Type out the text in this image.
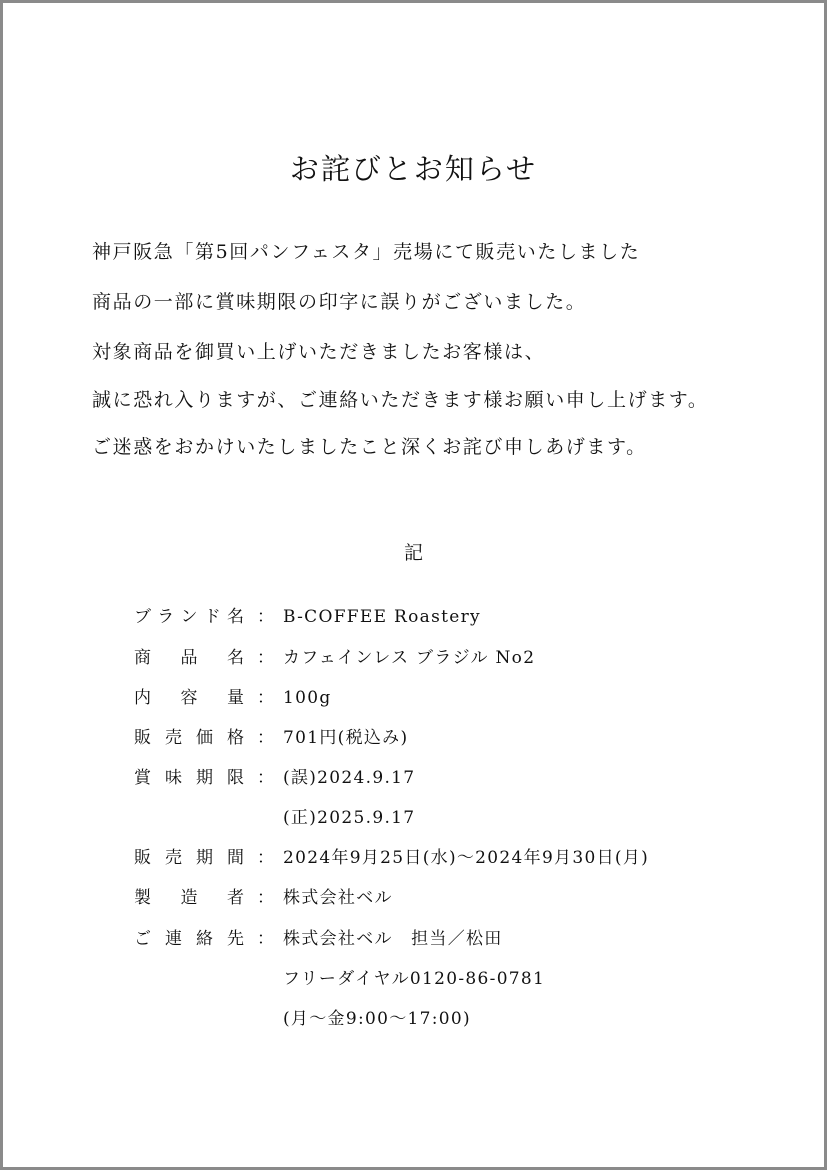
お詫びとお知らせ
神戸阪急「第5回パンフェスタ」売場にて販売いたしました
商品の一部に賞味期限の印字に誤りがございました。
対象商品を御買い上げいただきましたお客様は、
誠に恐れ入りますが、ご連絡いただきます様お願い申し上げます。
ご迷惑をおかけいたしましたこと深くお詫び申しあげます。
記
ブ ラ ン ド 名 ： B-COFFEE Roastery
商 品 名 ： カフェインレス ブラジル No2
内 容 量 ： 100g
販 売 価 格 ： 701円(税込み)
賞 味 期 限 ： (誤)2024.9.17
(正)2025.9.17
販 売 期 間 ： 2024年9月25日(水)～2024年9月30日(月)
製 造 者 ： 株式会社ベル
ご 連 絡 先 ： 株式会社ベル　担当／松田
フリーダイヤル0120-86-0781
(月～金9:00～17:00)
